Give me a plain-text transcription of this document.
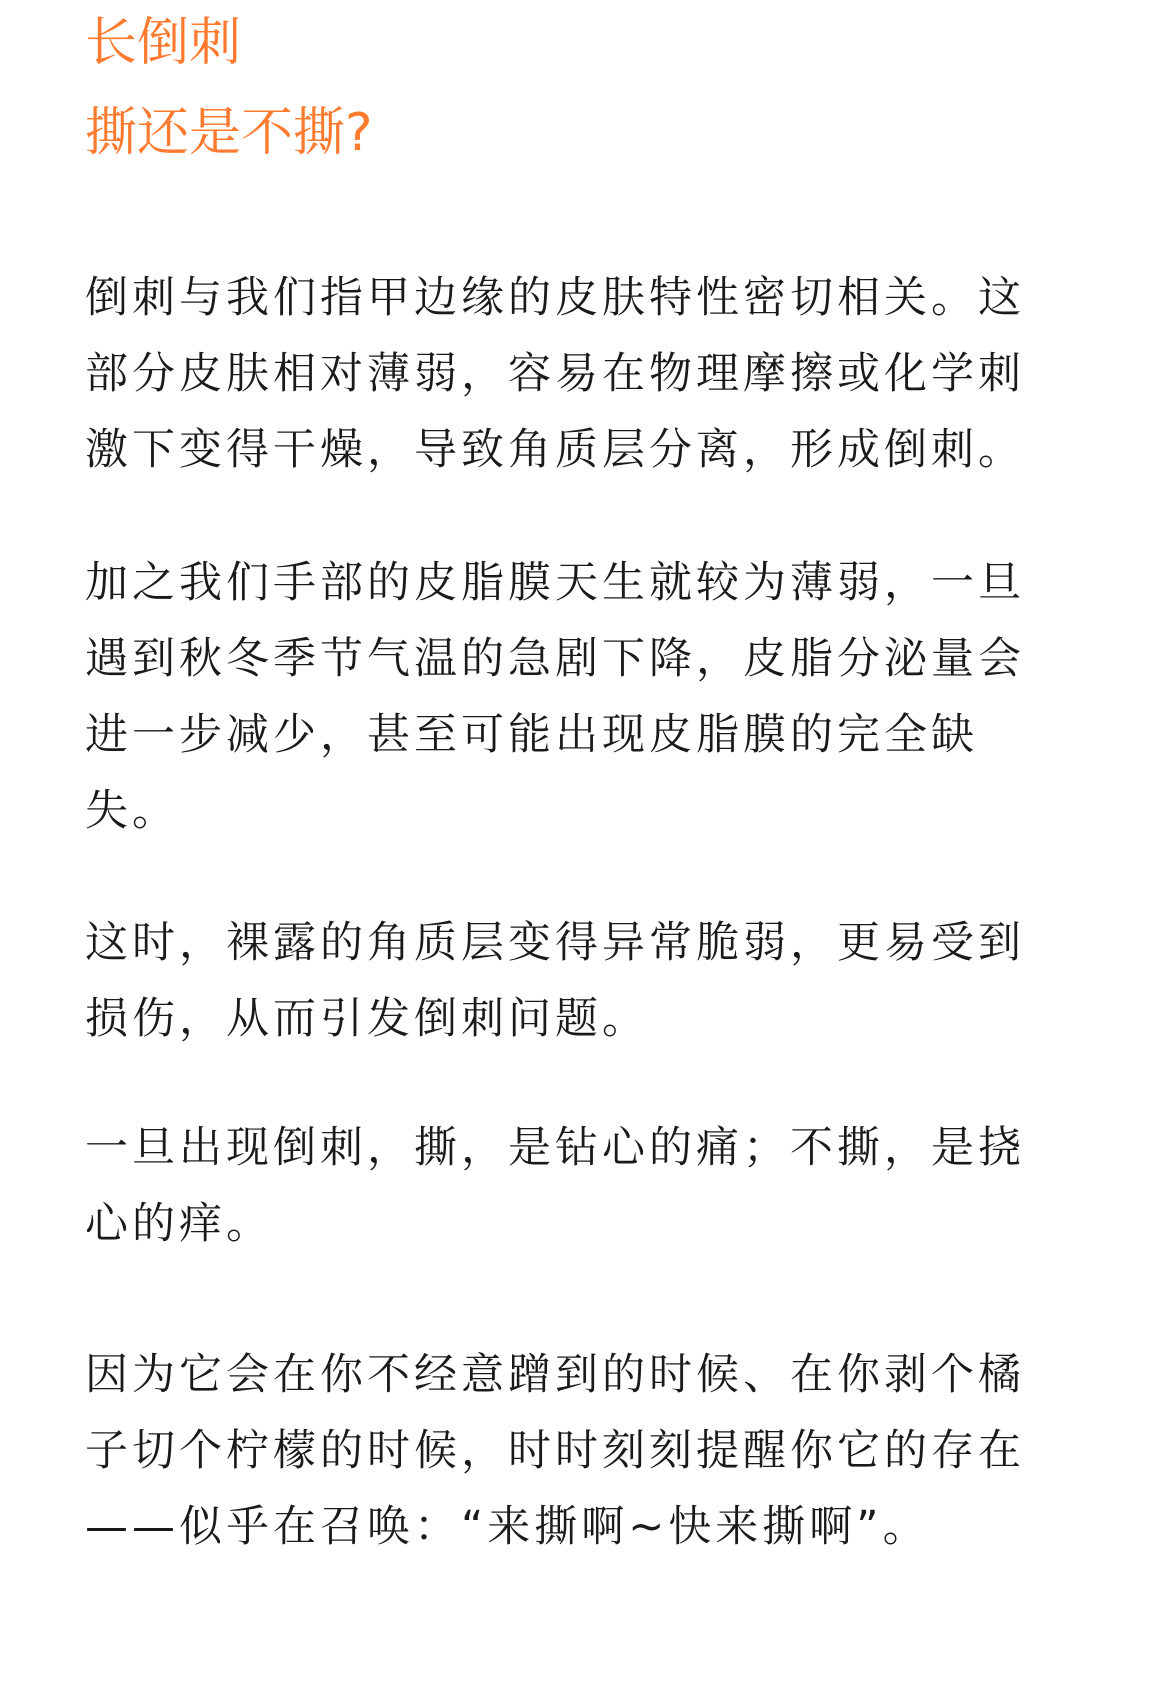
长倒刺
撕还是不撕?

倒刺与我们指甲边缘的皮肤特性密切相关。这
部分皮肤相对薄弱，容易在物理摩擦或化学刺
激下变得干燥，导致角质层分离，形成倒刺。

加之我们手部的皮脂膜天生就较为薄弱，一旦
遇到秋冬季节气温的急剧下降，皮脂分泌量会
进一步减少，甚至可能出现皮脂膜的完全缺
失。

这时，裸露的角质层变得异常脆弱，更易受到
损伤，从而引发倒刺问题。

一旦出现倒刺，撕，是钻心的痛；不撕，是挠
心的痒。

因为它会在你不经意蹭到的时候、在你剥个橘
子切个柠檬的时候，时时刻刻提醒你它的存在
——似乎在召唤：“来撕啊~快来撕啊”。
